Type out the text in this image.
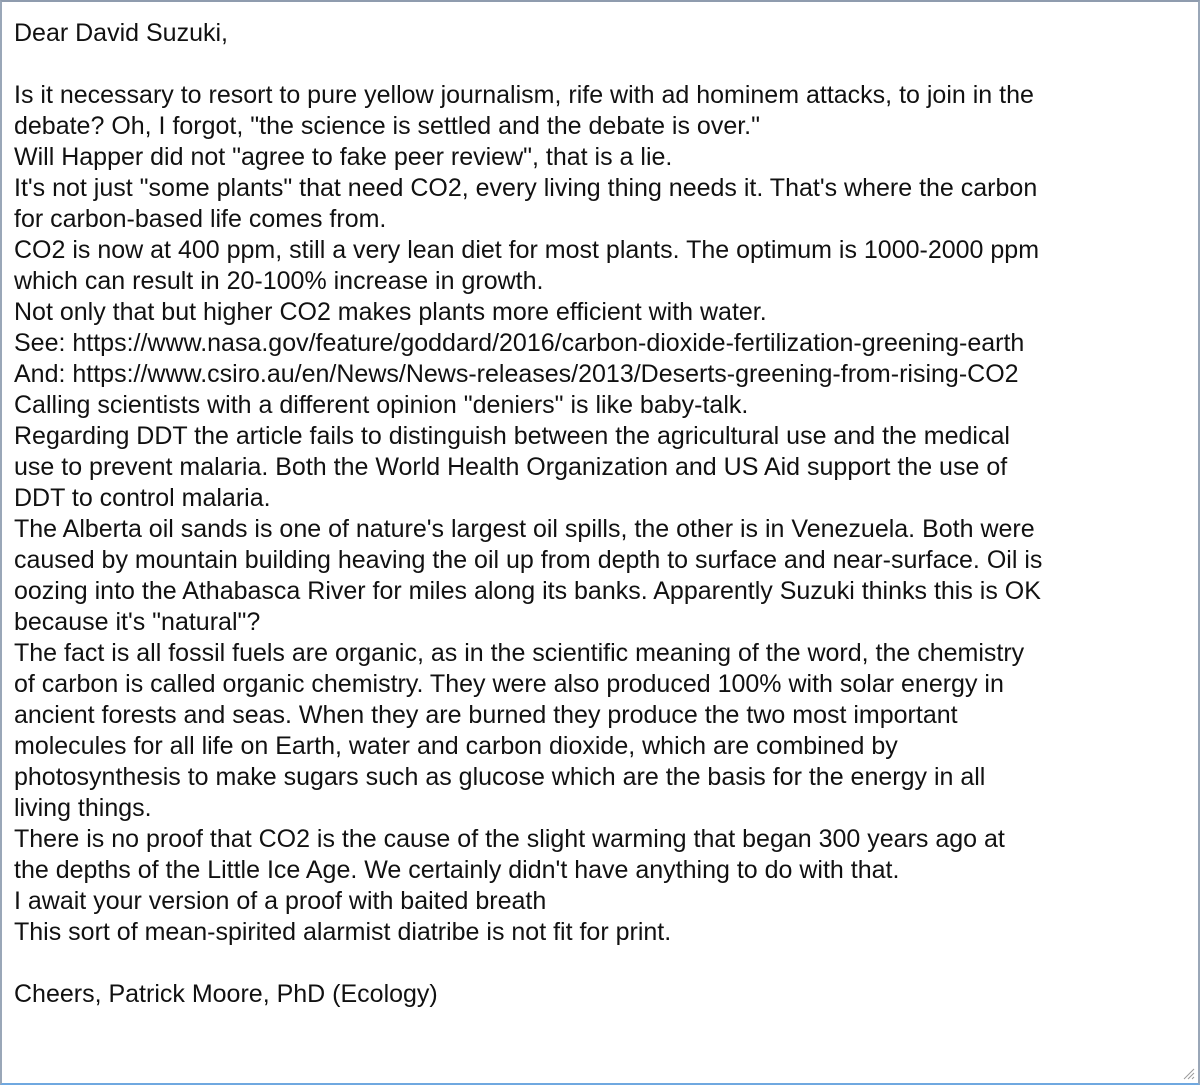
Dear David Suzuki,
Is it necessary to resort to pure yellow journalism, rife with ad hominem attacks, to join in the
debate? Oh, I forgot, "the science is settled and the debate is over."
Will Happer did not "agree to fake peer review", that is a lie.
It's not just "some plants" that need CO2, every living thing needs it. That's where the carbon
for carbon-based life comes from.
CO2 is now at 400 ppm, still a very lean diet for most plants. The optimum is 1000-2000 ppm
which can result in 20-100% increase in growth.
Not only that but higher CO2 makes plants more efficient with water.
See: https://www.nasa.gov/feature/goddard/2016/carbon-dioxide-fertilization-greening-earth
And: https://www.csiro.au/en/News/News-releases/2013/Deserts-greening-from-rising-CO2
Calling scientists with a different opinion "deniers" is like baby-talk.
Regarding DDT the article fails to distinguish between the agricultural use and the medical
use to prevent malaria. Both the World Health Organization and US Aid support the use of
DDT to control malaria.
The Alberta oil sands is one of nature's largest oil spills, the other is in Venezuela. Both were
caused by mountain building heaving the oil up from depth to surface and near-surface. Oil is
oozing into the Athabasca River for miles along its banks. Apparently Suzuki thinks this is OK
because it's "natural"?
The fact is all fossil fuels are organic, as in the scientific meaning of the word, the chemistry
of carbon is called organic chemistry. They were also produced 100% with solar energy in
ancient forests and seas. When they are burned they produce the two most important
molecules for all life on Earth, water and carbon dioxide, which are combined by
photosynthesis to make sugars such as glucose which are the basis for the energy in all
living things.
There is no proof that CO2 is the cause of the slight warming that began 300 years ago at
the depths of the Little Ice Age. We certainly didn't have anything to do with that.
I await your version of a proof with baited breath
This sort of mean-spirited alarmist diatribe is not fit for print.
Cheers, Patrick Moore, PhD (Ecology)
